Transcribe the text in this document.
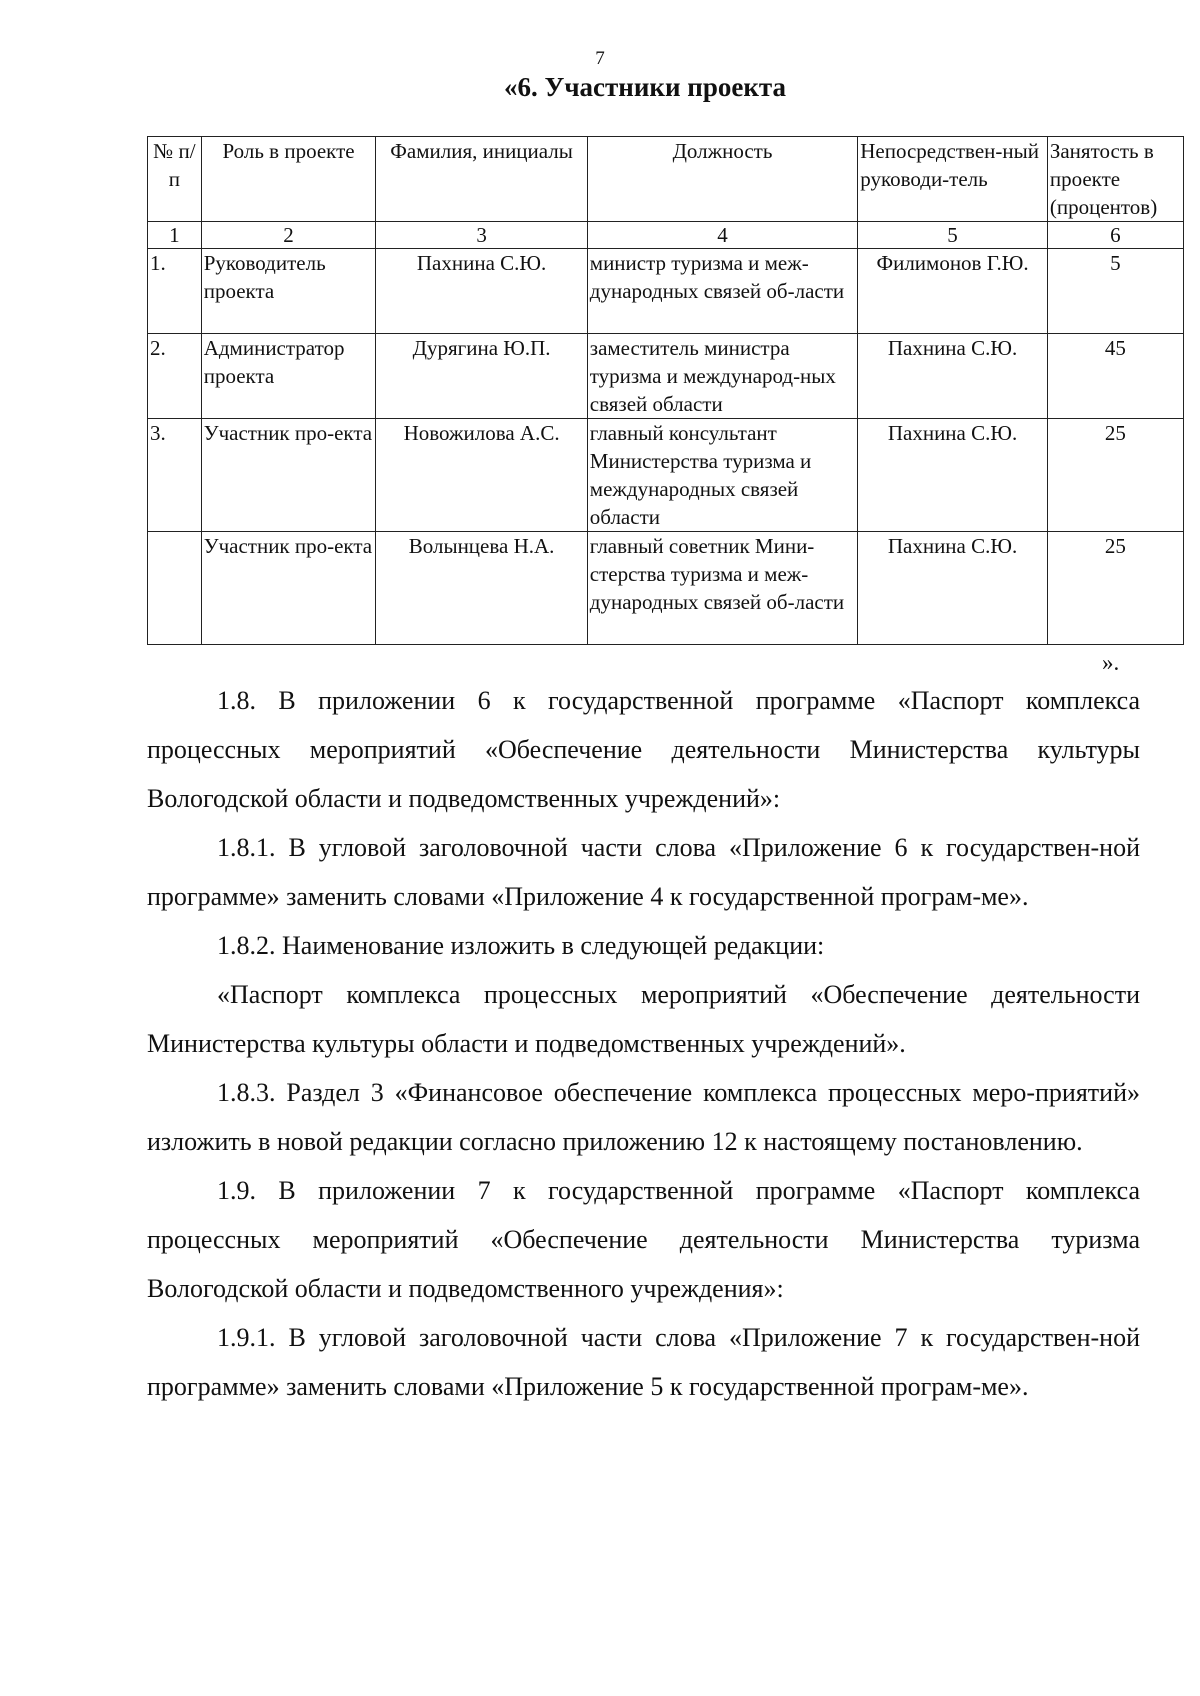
7
«6. Участники проекта
№ п/п	Роль в проекте	Фамилия, инициалы	Должность	Непосредствен-ный руководи-тель	Занятость в проекте (процентов)
1	2	3	4	5	6
1.	Руководитель проекта	Пахнина С.Ю.	министр туризма и меж-дународных связей об-ласти	Филимонов Г.Ю.	5
2.	Администратор проекта	Дурягина Ю.П.	заместитель министра туризма и международ-ных связей области	Пахнина С.Ю.	45
3.	Участник про-екта	Новожилова А.С.	главный консультант Министерства туризма и международных связей области	Пахнина С.Ю.	25
	Участник про-екта	Волынцева Н.А.	главный советник Мини-стерства туризма и меж-дународных связей об-ласти	Пахнина С.Ю.	25
».

1.8. В приложении 6 к государственной программе «Паспорт комплекса процессных мероприятий «Обеспечение деятельности Министерства культуры Вологодской области и подведомственных учреждений»:

1.8.1. В угловой заголовочной части слова «Приложение 6 к государствен-ной программе» заменить словами «Приложение 4 к государственной програм-ме».

1.8.2. Наименование изложить в следующей редакции:

«Паспорт комплекса процессных мероприятий «Обеспечение деятельности Министерства культуры области и подведомственных учреждений».

1.8.3. Раздел 3 «Финансовое обеспечение комплекса процессных меро-приятий» изложить в новой редакции согласно приложению 12 к настоящему постановлению.

1.9. В приложении 7 к государственной программе «Паспорт комплекса процессных мероприятий «Обеспечение деятельности Министерства туризма Вологодской области и подведомственного учреждения»:

1.9.1. В угловой заголовочной части слова «Приложение 7 к государствен-ной программе» заменить словами «Приложение 5 к государственной програм-ме».
